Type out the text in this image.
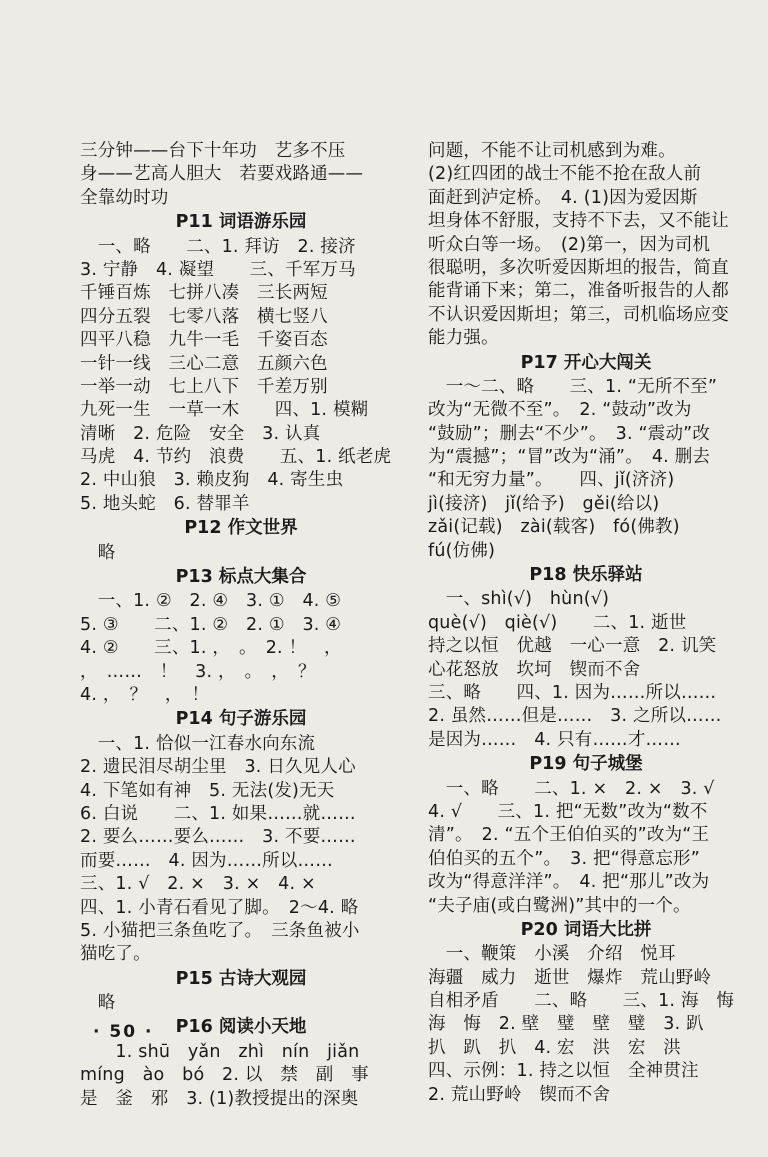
三分钟——台下十年功　艺多不压
身——艺高人胆大　若要戏路通——
全靠幼时功
P11 词语游乐园
　一、略　　二、1. 拜访　2. 接济
3. 宁静　4. 凝望　　三、千军万马
千锤百炼　七拼八凑　三长两短
四分五裂　七零八落　横七竖八
四平八稳　九牛一毛　千姿百态
一针一线　三心二意　五颜六色
一举一动　七上八下　千差万别
九死一生　一草一木　　四、1. 模糊
清晰　2. 危险　安全　3. 认真
马虎　4. 节约　浪费　　五、1. 纸老虎
2. 中山狼　3. 赖皮狗　4. 寄生虫
5. 地头蛇　6. 替罪羊
P12 作文世界
　略
P13 标点大集合
　一、1. ②　2. ④　3. ①　4. ⑤
5. ③　　二、1. ②　2. ①　3. ④
4. ②　　三、1. ，　。　2. ！　，
，　……　！　3. ，　。　，　？
4. ，　？　，　！
P14 句子游乐园
　一、1. 恰似一江春水向东流
2. 遗民泪尽胡尘里　3. 日久见人心
4. 下笔如有神　5. 无法(发)无天
6. 白说　　二、1. 如果……就……
2. 要么……要么……　3. 不要……
而要……　4. 因为……所以……
三、1. √　2. ×　3. ×　4. ×
四、1. 小青石看见了脚。　2～4. 略
5. 小猫把三条鱼吃了。　三条鱼被小
猫吃了。
P15 古诗大观园
　略
P16 阅读小天地
　　1. shū　yǎn　zhì　nín　jiǎn
míng　ào　bó　2. 以　禁　副　事
是　釜　邪　3. (1)教授提出的深奥
问题，不能不让司机感到为难。
(2)红四团的战士不能不抢在敌人前
面赶到泸定桥。　4. (1)因为爱因斯
坦身体不舒服，支持不下去，又不能让
听众白等一场。　(2)第一，因为司机
很聪明，多次听爱因斯坦的报告，简直
能背诵下来；第二，准备听报告的人都
不认识爱因斯坦；第三，司机临场应变
能力强。
P17 开心大闯关
　一～二、略　　三、1. “无所不至”
改为“无微不至”。　2. “鼓动”改为
“鼓励”；删去“不少”。　3. “震动”改
为“震撼”；“冒”改为“涌”。　4. 删去
“和无穷力量”。　　四、jǐ(济济)
jì(接济)　jǐ(给予)　gěi(给以)
zǎi(记载)　zài(载客)　fó(佛教)
fú(仿佛)
P18 快乐驿站
　一、shì(√)　hùn(√)
què(√)　qiè(√)　　二、1. 逝世
持之以恒　优越　一心一意　2. 讥笑
心花怒放　坎坷　锲而不舍
三、略　　四、1. 因为……所以……
2. 虽然……但是……　3. 之所以……
是因为……　4. 只有……才……
P19 句子城堡
　一、略　　二、1. ×　2. ×　3. √
4. √　　三、1. 把“无数”改为“数不
清”。　2. “五个王伯伯买的”改为“王
伯伯买的五个”。　3. 把“得意忘形”
改为“得意洋洋”。　4. 把“那儿”改为
“夫子庙(或白鹭洲)”其中的一个。
P20 词语大比拼
　一、鞭策　小溪　介绍　悦耳
海疆　威力　逝世　爆炸　荒山野岭
自相矛盾　　二、略　　三、1. 海　悔
海　悔　2. 壁　璧　壁　璧　3. 趴
扒　趴　扒　4. 宏　洪　宏　洪
四、示例：1. 持之以恒　全神贯注
2. 荒山野岭　锲而不舍
· 50 ·
